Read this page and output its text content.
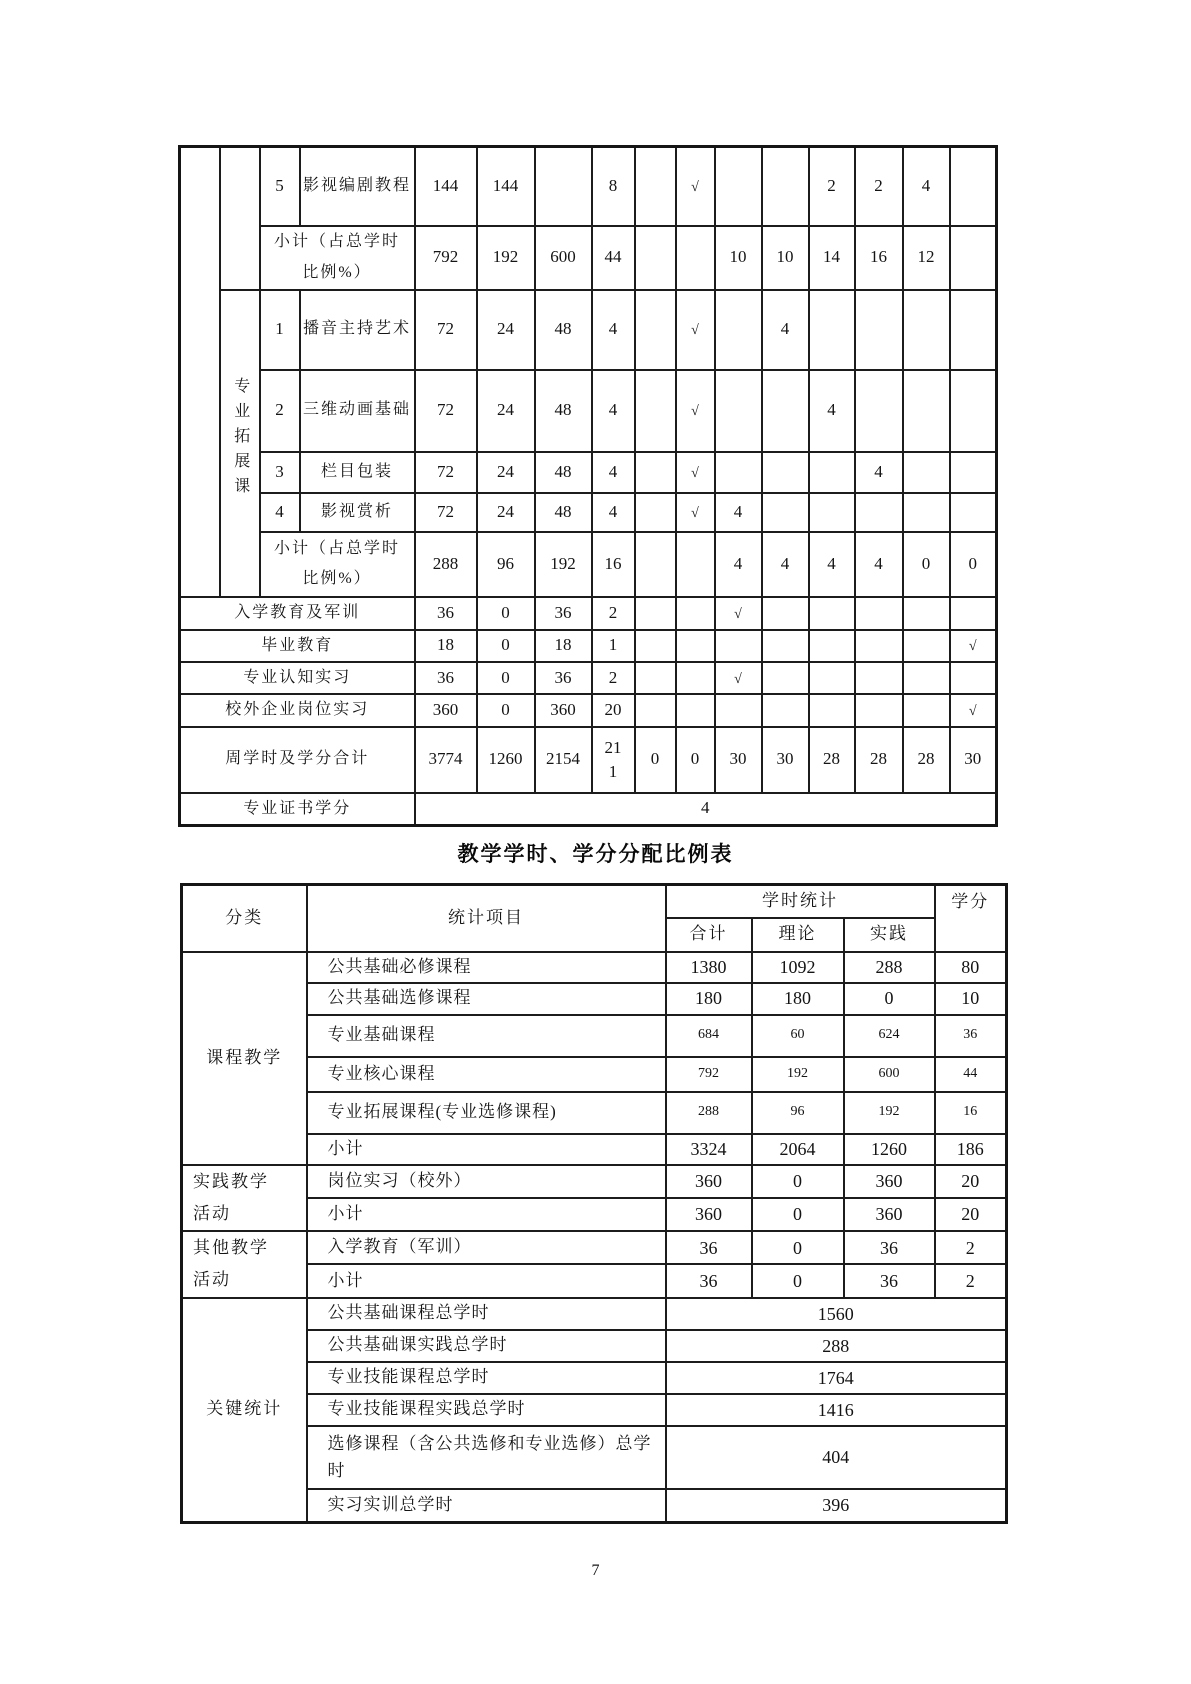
		5	影视编剧教程	144	144		8		√			2	2	4	
		小计（占总学时比例%）		792	192	600	44			10	10	14	16	12	
	专业拓展课	1	播音主持艺术	72	24	48	4		√		4				
		2	三维动画基础	72	24	48	4		√			4			
		3	栏目包装	72	24	48	4		√				4		
		4	影视赏析	72	24	48	4		√	4					
		小计（占总学时比例%）		288	96	192	16			4	4	4	4	0	0
入学教育及军训				36	0	36	2			√					
毕业教育				18	0	18	1								√
专业认知实习				36	0	36	2			√					
校外企业岗位实习				360	0	360	20								√
周学时及学分合计				3774	1260	2154	211	0	0	30	30	28	28	28	30
专业证书学分				4											
教学学时、学分分配比例表
分类	统计项目	学时统计			学分
		合计	理论	实践	
课程教学	公共基础必修课程	1380	1092	288	80
	公共基础选修课程	180	180	0	10
	专业基础课程	684	60	624	36
	专业核心课程	792	192	600	44
	专业拓展课程(专业选修课程)	288	96	192	16
	小计	3324	2064	1260	186
实践教学活动	岗位实习（校外）	360	0	360	20
	小计	360	0	360	20
其他教学活动	入学教育（军训）	36	0	36	2
	小计	36	0	36	2
关键统计	公共基础课程总学时	1560			
	公共基础课实践总学时	288			
	专业技能课程总学时	1764			
	专业技能课程实践总学时	1416			
	选修课程（含公共选修和专业选修）总学时	404			
	实习实训总学时	396			
7
